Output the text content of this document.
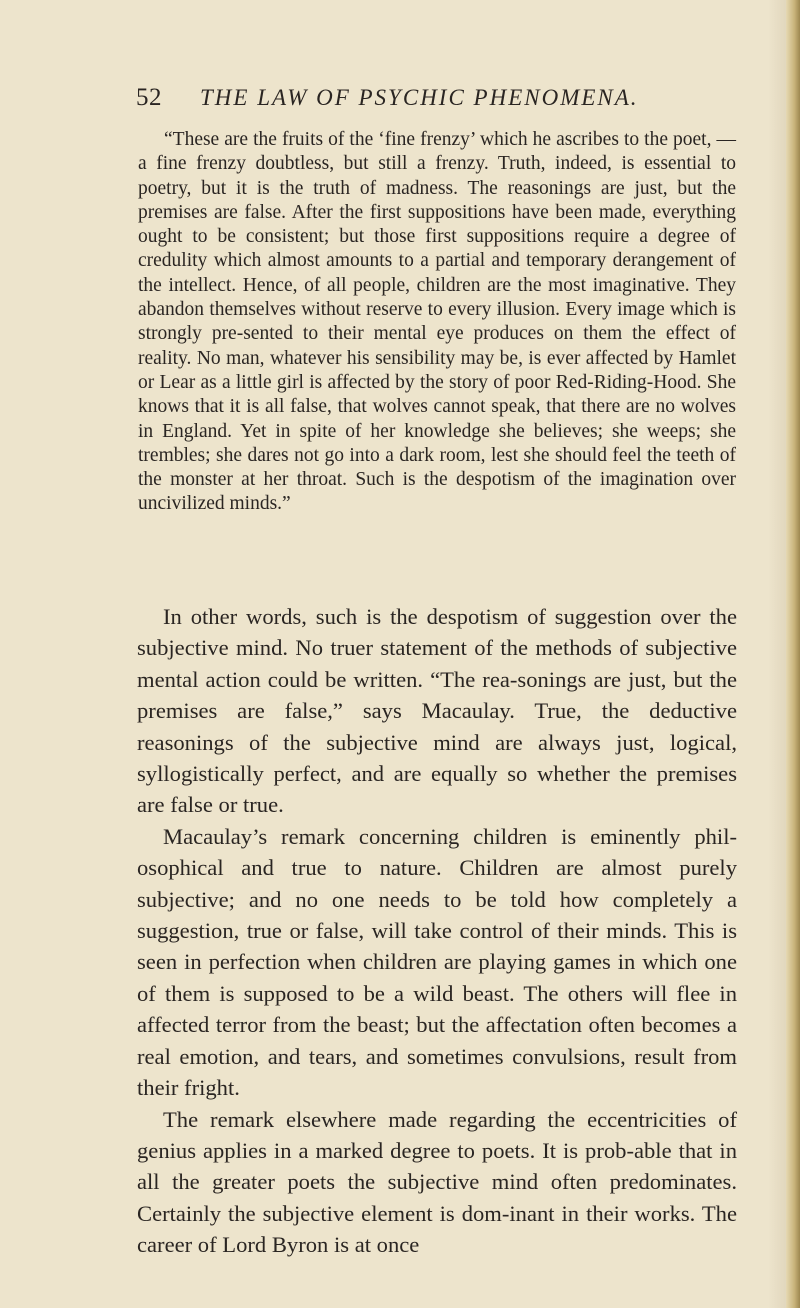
52 THE LAW OF PSYCHIC PHENOMENA.

“These are the fruits of the ‘fine frenzy’ which he ascribes to the poet, — a fine frenzy doubtless, but still a frenzy. Truth, indeed, is essential to poetry, but it is the truth of madness. The reasonings are just, but the premises are false. After the first suppositions have been made, everything ought to be consistent; but those first suppositions require a degree of credulity which almost amounts to a partial and temporary derangement of the intellect. Hence, of all people, children are the most imaginative. They abandon themselves without reserve to every illusion. Every image which is strongly pre-sented to their mental eye produces on them the effect of reality. No man, whatever his sensibility may be, is ever affected by Hamlet or Lear as a little girl is affected by the story of poor Red-Riding-Hood. She knows that it is all false, that wolves cannot speak, that there are no wolves in England. Yet in spite of her knowledge she believes; she weeps; she trembles; she dares not go into a dark room, lest she should feel the teeth of the monster at her throat. Such is the despotism of the imagination over uncivilized minds.”

In other words, such is the despotism of suggestion over the subjective mind. No truer statement of the methods of subjective mental action could be written. “The rea-sonings are just, but the premises are false,” says Macaulay. True, the deductive reasonings of the subjective mind are always just, logical, syllogistically perfect, and are equally so whether the premises are false or true.

Macaulay’s remark concerning children is eminently phil-osophical and true to nature. Children are almost purely subjective; and no one needs to be told how completely a suggestion, true or false, will take control of their minds. This is seen in perfection when children are playing games in which one of them is supposed to be a wild beast. The others will flee in affected terror from the beast; but the affectation often becomes a real emotion, and tears, and sometimes convulsions, result from their fright.

The remark elsewhere made regarding the eccentricities of genius applies in a marked degree to poets. It is prob-able that in all the greater poets the subjective mind often predominates. Certainly the subjective element is dom-inant in their works. The career of Lord Byron is at once
